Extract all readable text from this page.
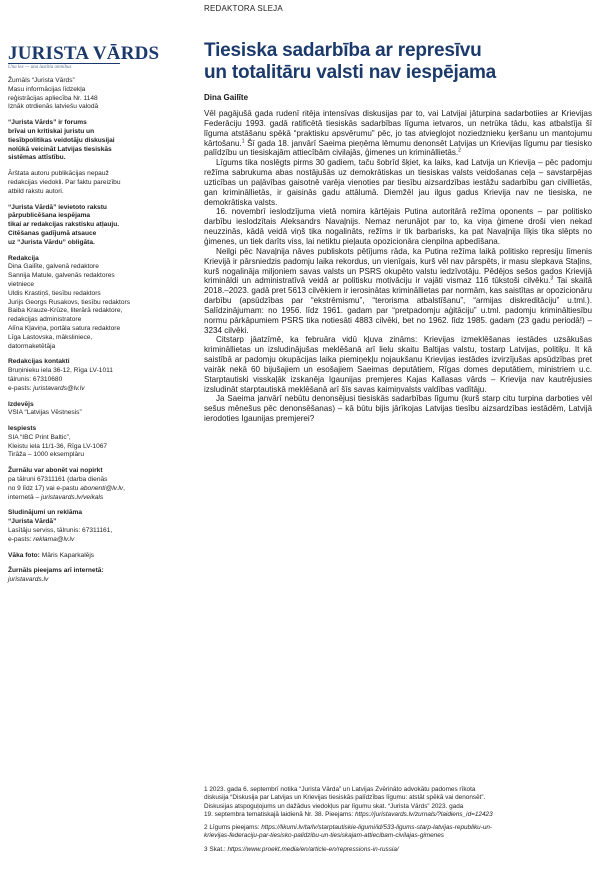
REDAKTORA SLEJA
JURISTA VĀRDS
Una lex — una iustitia omnibus
Žurnāls “Jurista Vārds”
Masu informācijas līdzekļa
reģistrācijas apliecība Nr. 1148
Iznāk otrdienās latviešu valodā
“Jurista Vārds” ir forums
brīvai un kritiskai juristu un
tiesībpolitikas veidotāju diskusijai
nolūkā veicināt Latvijas tiesiskās
sistēmas attīstību.
Ārštata autoru publikācijas nepauž
redakcijas viedokli. Par faktu pareizību
atbild rakstu autori.
“Jurista Vārdā” ievietoto rakstu
pārpublicēšana iespējama
tikai ar redakcijas rakstisku atļauju.
Citēšanas gadījumā atsauce
uz “Jurista Vārdu” obligāta.
Redakcija
Dina Gailīte, galvenā redaktore
Sannija Matule, galvenās redaktores
vietniece
Uldis Krastiņš, tiesību redaktors
Jurijs Georgs Rusakovs, tiesību redaktors
Baiba Krauze-Krūze, literārā redaktore,
redakcijas administratore
Alīna Kļaviņa, portāla satura redaktore
Līga Lastovska, māksliniece,
datormaketētāja
Redakcijas kontakti
Bruņinieku iela 36-12, Rīga LV-1011
tālrunis: 67310680
e-pasts: juristavards@lv.lv
Izdevējs
VSIA “Latvijas Vēstnesis”
Iespiests
SIA “IBC Print Baltic”,
Kleistu iela 11/1-36, Rīga LV-1067
Tirāža – 1000 eksemplāru
Žurnālu var abonēt vai nopirkt
pa tālruni 67311161 (darba dienās
no 9 līdz 17) vai e-pastu abonenti@lv.lv,
internetā – juristavards.lv/veikals
Sludinājumi un reklāma
“Jurista Vārdā”
Lasītāju serviss, tālrunis: 67311161,
e-pasts: reklama@lv.lv
Vāka foto: Māris Kaparkalējs
Žurnāls pieejams arī internetā:
juristavards.lv
Tiesiska sadarbība ar represīvu
un totalitāru valsti nav iespējama
Dina Gailīte

Vēl pagājušā gada rudenī ritēja intensīvas diskusijas par to, vai Latvijai jāturpina sadarbotiies ar Krievijas Federāciju 1993. gadā ratificētā tiesiskās sadarbības līguma ietvaros, un netrūka tādu, kas atbalstīja šī līguma atstāšanu spēkā “praktisku apsvērumu” pēc, jo tas atvieglojot noziedznieku ķeršanu un mantojumu kārtošanu.$^1$ Šī gada 18. janvārī Saeima pieņēma lēmumu denonsēt Latvijas un Krievijas līgumu par tiesisko palīdzību un tiesiskajām attiecībām civilajās, ģimenes un krimināllietās.$^2$

Līgums tika noslēgts pirms 30 gadiem, taču šobrīd šķiet, ka laiks, kad Latvija un Krievija – pēc padomju režīma sabrukuma abas nostājušās uz demokrātiskas un tiesiskas valsts veidošanas ceļa – savstarpējas uzticības un paļāvības gaisotnē varēja vienoties par tiesību aizsardzības iestāžu sadarbību gan civillietās, gan krimināllietās, ir gaisinās gadu attālumā. Diemžēl jau ilgus gadus Krievija nav ne tiesiska, ne demokrātiska valsts.

16. novembrī ieslodzījuma vietā nomira kārtējais Putina autoritārā režīma oponents – par politisko darbību ieslodzītais Aleksandrs Navaļnijs. Nemaz nerunājot par to, ka viņa ģimene droši vien nekad neuzzinās, kādā veidā viņš tika nogalināts, režīms ir tik barbarisks, ka pat Navaļnija līķis tika slēpts no ģimenes, un tiek darīts viss, lai netiktu pieļauta opozicionāra cienpilna apbedīšana.

Neilgi pēc Navaļnija nāves publiskots pētījums rāda, ka Putina režīma laikā politisko represiju līmenis Krievijā ir pārsniedzis padomju laika rekordus, un vienīgais, kurš vēl nav pārspēts, ir masu slepkava Staļins, kurš nogalināja miljoniem savas valsts un PSRS okupēto valstu iedzīvotāju. Pēdējos sešos gados Krievijā krimināldi un administratīvā veidā ar politisku motivāciju ir vajāti vismaz 116 tūkstoši cilvēku.$^3$ Tai skaitā 2018.–2023. gadā pret 5613 cilvēkiem ir ierosinātas krimināllietas par normām, kas saistītas ar opozicionāru darbību (apsūdzības par “ekstrēmismu”, “terorisma atbalstīšanu”, “armijas diskreditāciju” u.tml.). Salīdzinājumam: no 1956. līdz 1961. gadam par “pretpadomju aģitāciju” u.tml. padomju krimināltiesību normu pārkāpumiem PSRS tika notiesāti 4883 cilvēki, bet no 1962. līdz 1985. gadam (23 gadu periodā!) – 3234 cilvēki.

Citstarp jāatzīmē, ka februāra vidū kļuva zināms: Krievijas izmeklēšanas iestādes uzsākušas krimināllietas un izsludinājušas meklēšanā arī lielu skaitu Baltijas valstu, tostarp Latvijas, politiķu. It kā saistībā ar padomju okupācijas laika piemiņekļu nojaukšanu Krievijas iestādes izvirzījušas apsūdzības pret vairāk nekā 60 bijušajiem un esošajiem Saeimas deputātiem, Rīgas domes deputātiem, ministriem u.c. Starptautiski visskaļāk izskanēja Igaunijas premjeres Kajas Kallasas vārds – Krievija nav kautrējusies izsludināt starptautiskā meklēšanā arī šīs savas kaimiņvalsts valdības vadītāju.

Ja Saeima janvārī nebūtu denonsējusi tiesiskās sadarbības līgumu (kurš starp citu turpina darboties vēl sešus mēnešus pēc denonsēšanas) – kā būtu bijis jārīkojas Latvijas tiesību aizsardzības iestādēm, Latvijā ierodoties Igaunijas premjerei?

1 2023. gada 6. septembrī notika “Jurista Vārda” un Latvijas Zvērināto advokātu padomes rīkota
diskusija “Diskusija par Latvijas un Krievijas tiesiskās palīdzības līgumu: atstāt spēkā vai denonsēt”.
Diskusijas atspoguļojums un dažādus viedokļus par līgumu skat. “Jurista Vārds” 2023. gada
19. septembra tematiskajā laidienā Nr. 38. Pieejams: https://juristavards.lv/zurnals/?laidiens_id=12423
2 Līgums pieejams: https://likumi.lv/ta/lv/starptautiskie-ligumi/id/533-ligums-starp-latvijas-republiku-un-
krievijas-federaciju-par-tiesisko-palidzibu-un-tiesiskajam-attiecibam-civilajas-gimenes
3 Skat.: https://www.proekt.media/en/article-en/repressions-in-russia/
